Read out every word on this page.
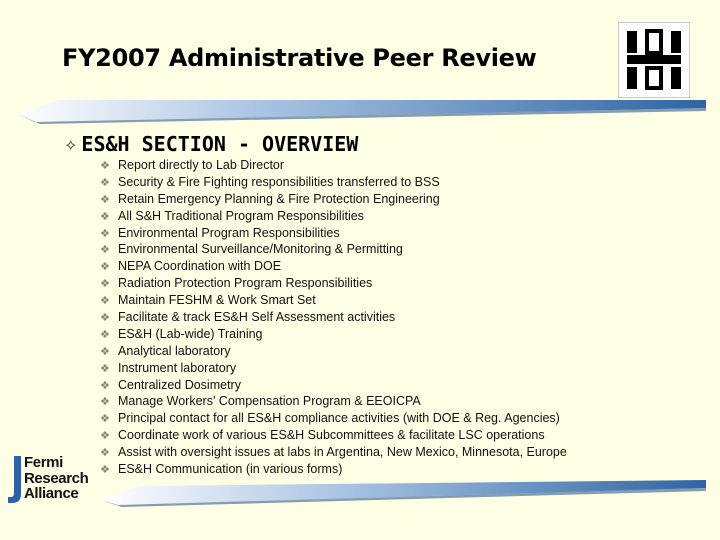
FY2007 Administrative Peer Review
✧ ES&H SECTION - OVERVIEW
❖ Report directly to Lab Director
❖ Security & Fire Fighting responsibilities transferred to BSS
❖ Retain Emergency Planning & Fire Protection Engineering
❖ All S&H Traditional Program Responsibilities
❖ Environmental Program Responsibilities
❖ Environmental Surveillance/Monitoring & Permitting
❖ NEPA Coordination with DOE
❖ Radiation Protection Program Responsibilities
❖ Maintain FESHM & Work Smart Set
❖ Facilitate & track ES&H Self Assessment activities
❖ ES&H (Lab-wide) Training
❖ Analytical laboratory
❖ Instrument laboratory
❖ Centralized Dosimetry
❖ Manage Workers' Compensation Program & EEOICPA
❖ Principal contact for all ES&H compliance activities (with DOE & Reg. Agencies)
❖ Coordinate work of various ES&H Subcommittees & facilitate LSC operations
❖ Assist with oversight issues at labs in Argentina, New Mexico, Minnesota, Europe
❖ ES&H Communication (in various forms)
Fermi
Research
Alliance
